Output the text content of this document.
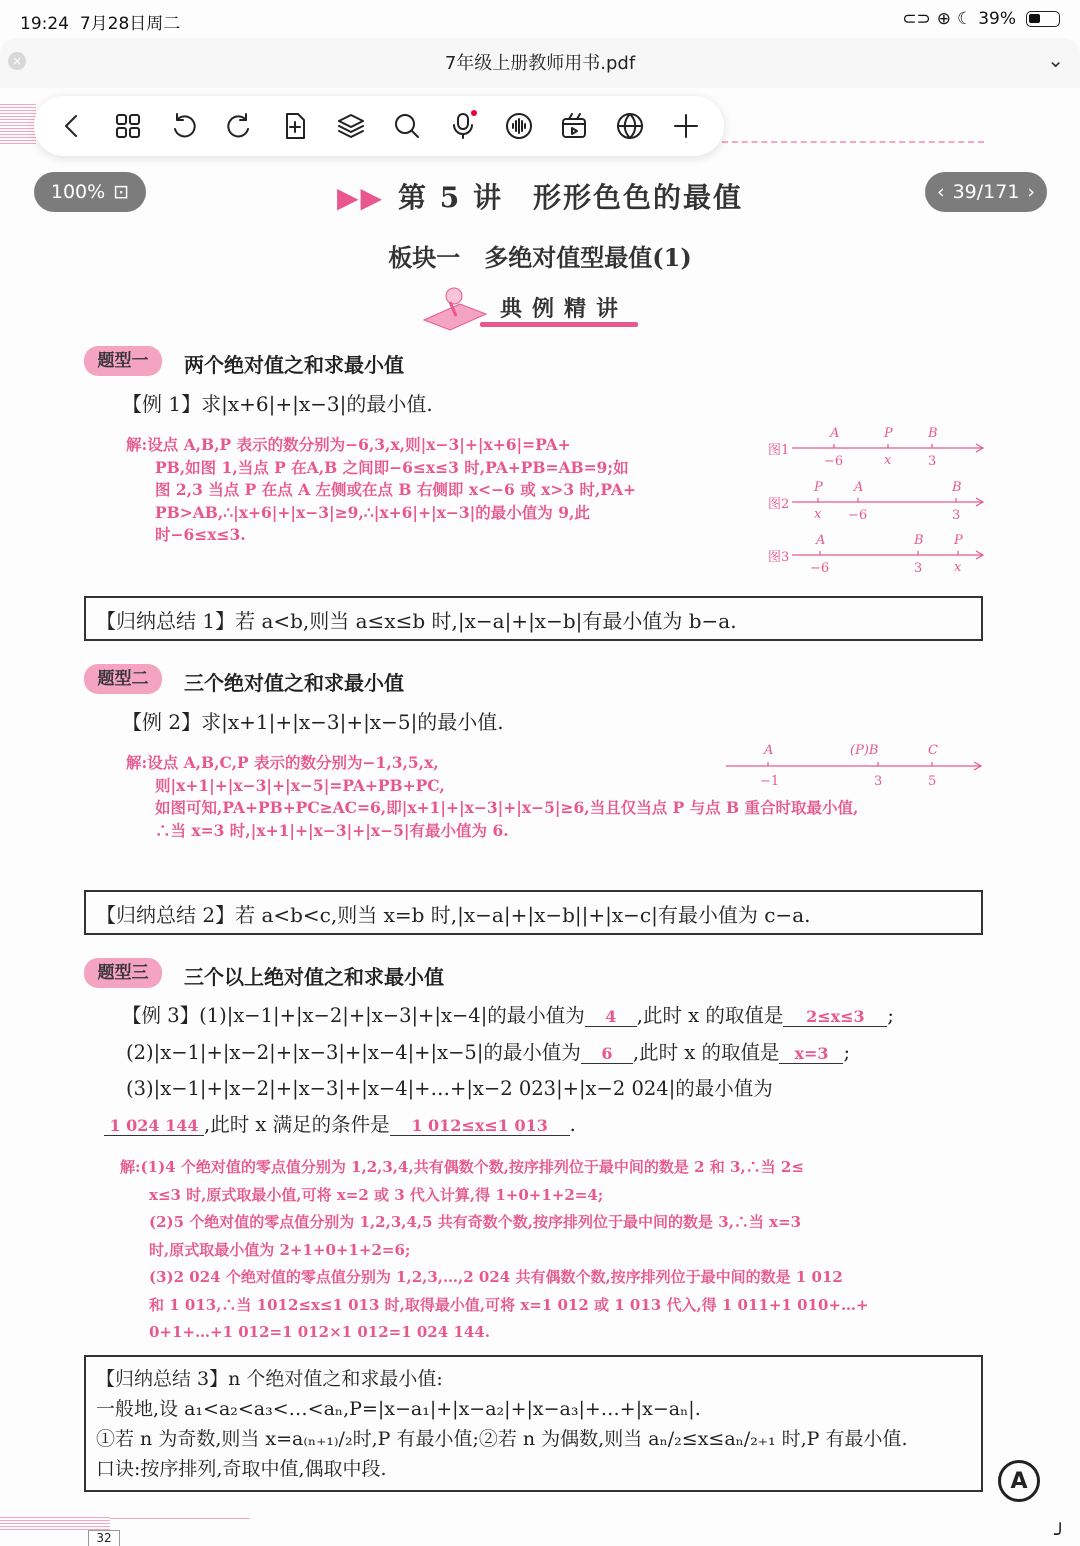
19:24 7月28日周二	⊂⊃ ⊕ ☾ 39%
×	7年级上册教师用书.pdf	⌄
100% ⊡	‹ 39/171 ›
▶▶ 第 5 讲　形形色色的最值
板块一　多绝对值型最值(1)
典例精讲
题型一	两个绝对值之和求最小值
【例 1】求|x+6|+|x−3|的最小值.
解:设点 A,B,P 表示的数分别为−6,3,x,则|x−3|+|x+6|=PA+
PB,如图 1,当点 P 在A,B 之间即−6≤x≤3 时,PA+PB=AB=9;如
图 2,3 当点 P 在点 A 左侧或在点 B 右侧即 x<−6 或 x>3 时,PA+
PB>AB,∴|x+6|+|x−3|≥9,∴|x+6|+|x−3|的最小值为 9,此
时−6≤x≤3.
图1
A	P	B
−6	x	3
图2
P A	B
x −6	3
图3
A	B P
−6	3 x
【归纳总结 1】若 a<b,则当 a≤x≤b 时,|x−a|+|x−b|有最小值为 b−a.
题型二	三个绝对值之和求最小值
【例 2】求|x+1|+|x−3|+|x−5|的最小值.
A	(P)B	C
−1	3	5
解:设点 A,B,C,P 表示的数分别为−1,3,5,x,
则|x+1|+|x−3|+|x−5|=PA+PB+PC,
如图可知,PA+PB+PC≥AC=6,即|x+1|+|x−3|+|x−5|≥6,当且仅当点 P 与点 B 重合时取最小值,
∴当 x=3 时,|x+1|+|x−3|+|x−5|有最小值为 6.
【归纳总结 2】若 a<b<c,则当 x=b 时,|x−a|+|x−b||+|x−c|有最小值为 c−a.
题型三	三个以上绝对值之和求最小值
【例 3】(1)|x−1|+|x−2|+|x−3|+|x−4|的最小值为 4 ,此时 x 的取值是 2≤x≤3 ;
(2)|x−1|+|x−2|+|x−3|+|x−4|+|x−5|的最小值为 6 ,此时 x 的取值是 x=3 ;
(3)|x−1|+|x−2|+|x−3|+|x−4|+…+|x−2 023|+|x−2 024|的最小值为
1 024 144 ,此时 x 满足的条件是 1 012≤x≤1 013 .
解:(1)4 个绝对值的零点值分别为 1,2,3,4,共有偶数个数,按序排列位于最中间的数是 2 和 3,∴当 2≤
x≤3 时,原式取最小值,可将 x=2 或 3 代入计算,得 1+0+1+2=4;
(2)5 个绝对值的零点值分别为 1,2,3,4,5 共有奇数个数,按序排列位于最中间的数是 3,∴当 x=3
时,原式取最小值为 2+1+0+1+2=6;
(3)2 024 个绝对值的零点值分别为 1,2,3,…,2 024 共有偶数个数,按序排列位于最中间的数是 1 012
和 1 013,∴当 1012≤x≤1 013 时,取得最小值,可将 x=1 012 或 1 013 代入,得 1 011+1 010+…+
0+1+…+1 012=1 012×1 012=1 024 144.
【归纳总结 3】n 个绝对值之和求最小值:
一般地,设 a₁<a₂<a₃<…<aₙ,P=|x−a₁|+|x−a₂|+|x−a₃|+…+|x−aₙ|.
①若 n 为奇数,则当 x=a₍ₙ₊₁₎/₂时,P 有最小值;②若 n 为偶数,则当 aₙ/₂≤x≤aₙ/₂₊₁ 时,P 有最小值.
口诀:按序排列,奇取中值,偶取中段.	A
32	╯
